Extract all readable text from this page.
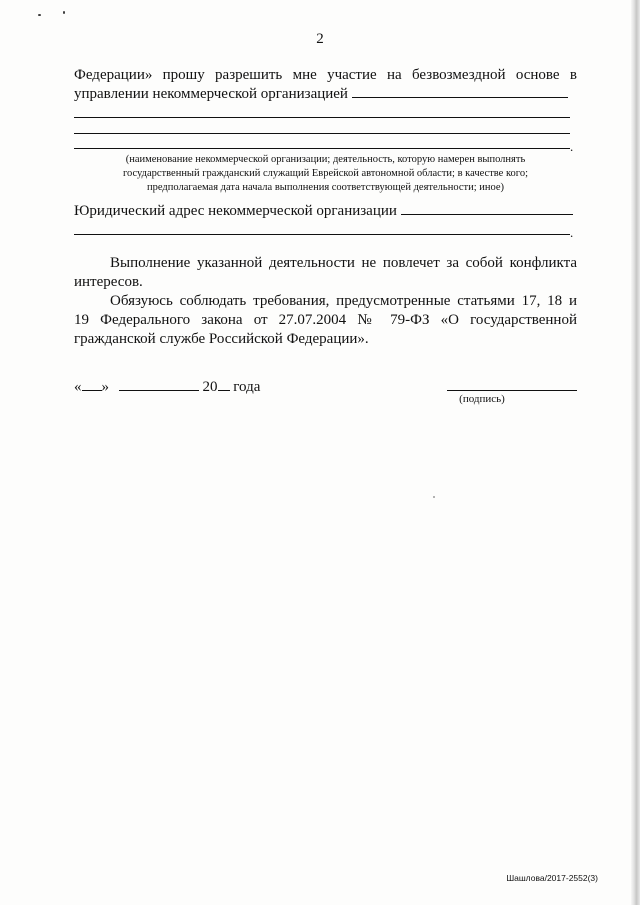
2
Федерации» прошу разрешить мне участие на безвозмездной основе в
управлении некоммерческой организацией
.
(наименование некоммерческой организации; деятельность, которую намерен выполнять
государственный гражданский служащий Еврейской автономной области; в качестве кого;
предполагаемая дата начала выполнения соответствующей деятельности; иное)
Юридический адрес некоммерческой организации
.
Выполнение указанной деятельности не повлечет за собой конфликта
интересов.
Обязуюсь соблюдать требования, предусмотренные статьями 17, 18 и
19 Федерального закона от 27.07.2004 № 79-ФЗ «О государственной
гражданской службе Российской Федерации».
« »	20 года
(подпись)
Шашлова/2017-2552(3)
